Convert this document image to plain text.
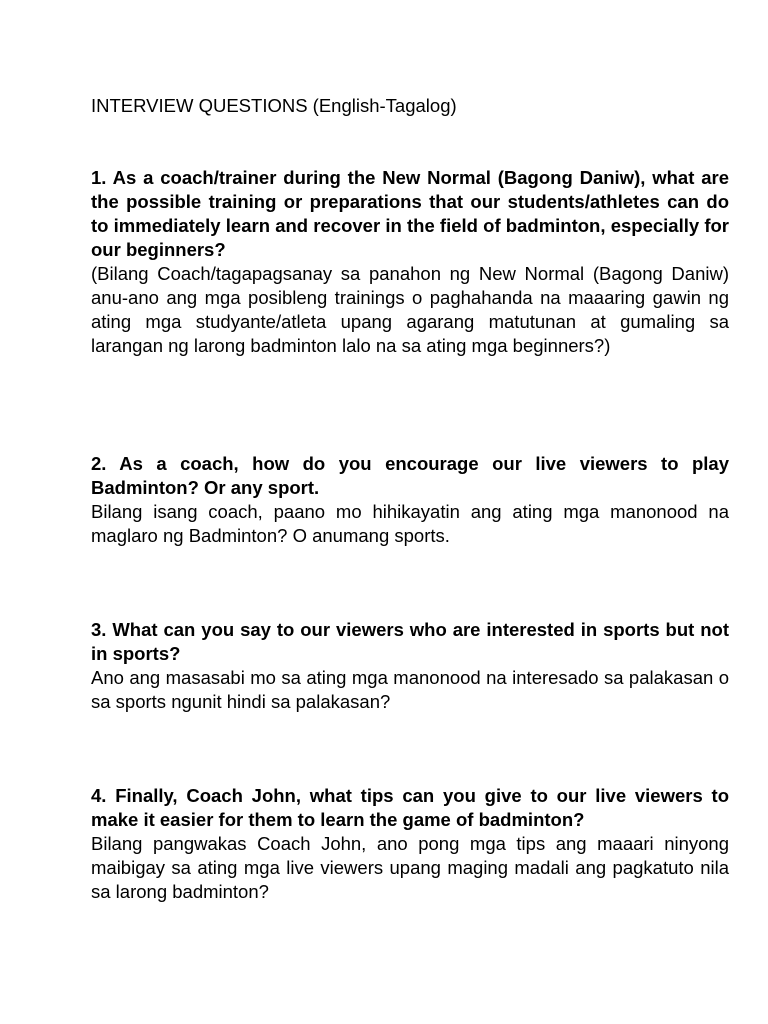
INTERVIEW QUESTIONS (English-Tagalog)

1. As a coach/trainer during the New Normal (Bagong Daniw), what are the possible training or preparations that our students/athletes can do to immediately learn and recover in the field of badminton, especially for our beginners?

(Bilang Coach/tagapagsanay sa panahon ng New Normal (Bagong Daniw) anu-ano ang mga posibleng trainings o paghahanda na maaaring gawin ng ating mga studyante/atleta upang agarang matutunan at gumaling sa larangan ng larong badminton lalo na sa ating mga beginners?)

2. As a coach, how do you encourage our live viewers to play Badminton? Or any sport.

Bilang isang coach, paano mo hihikayatin ang ating mga manonood na maglaro ng Badminton? O anumang sports.

3. What can you say to our viewers who are interested in sports but not in sports?

Ano ang masasabi mo sa ating mga manonood na interesado sa palakasan o sa sports ngunit hindi sa palakasan?

4. Finally, Coach John, what tips can you give to our live viewers to make it easier for them to learn the game of badminton?

Bilang pangwakas Coach John, ano pong mga tips ang maaari ninyong maibigay sa ating mga live viewers upang maging madali ang pagkatuto nila sa larong badminton?
